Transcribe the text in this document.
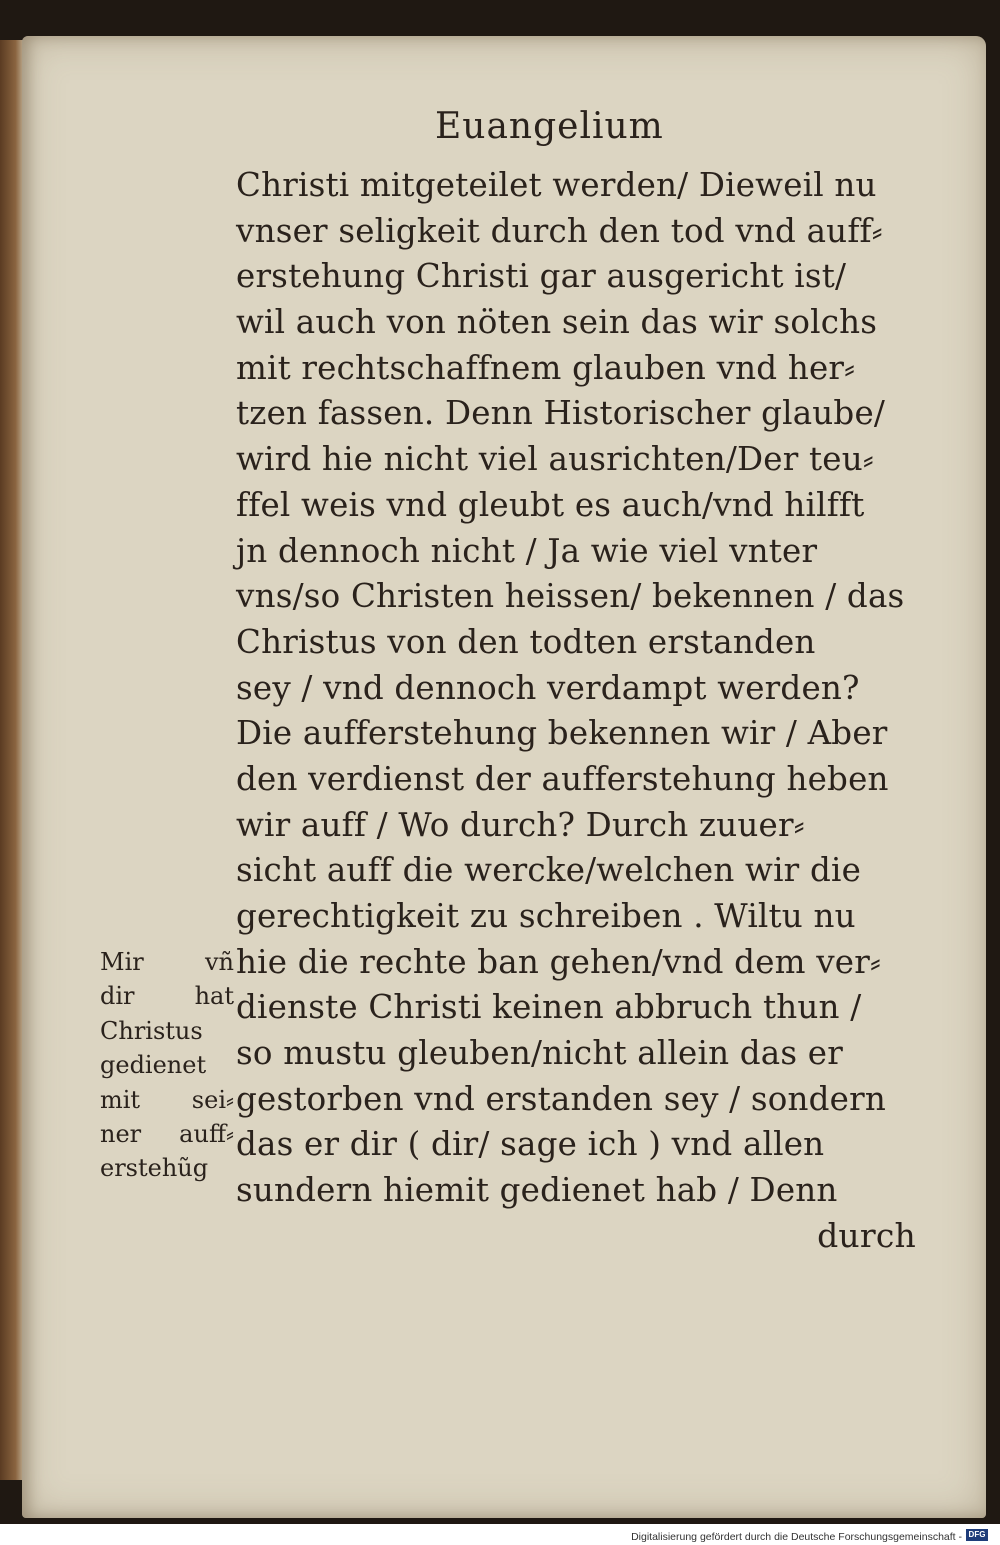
Euangelium
Christi mitgeteilet werden/ Dieweil nu
vnser seligkeit durch den tod vnd auff⸗
erstehung Christi gar ausgericht ist/
wil auch von nöten sein das wir solchs
mit rechtschaffnem glauben vnd her⸗
tzen fassen. Denn Historischer glaube/
wird hie nicht viel ausrichten/Der teu⸗
ffel weis vnd gleubt es auch/vnd hilfft
jn dennoch nicht / Ja wie viel vnter
vns/so Christen heissen/ bekennen / das
Christus von den todten erstanden
sey / vnd dennoch verdampt werden?
Die aufferstehung bekennen wir / Aber
den verdienst der aufferstehung heben
wir auff / Wo durch? Durch zuuer⸗
sicht auff die wercke/welchen wir die
gerechtigkeit zu schreiben . Wiltu nu
hie die rechte ban gehen/vnd dem ver⸗
dienste Christi keinen abbruch thun /
so mustu gleuben/nicht allein das er
gestorben vnd erstanden sey / sondern
das er dir ( dir/ sage ich ) vnd allen
sundern hiemit gedienet hab / Denn
durch
Mir vñ
dir hat
Christus
gedienet
mit sei⸗
ner auff⸗
erstehũg
Digitalisierung gefördert durch die Deutsche Forschungsgemeinschaft - DFG
